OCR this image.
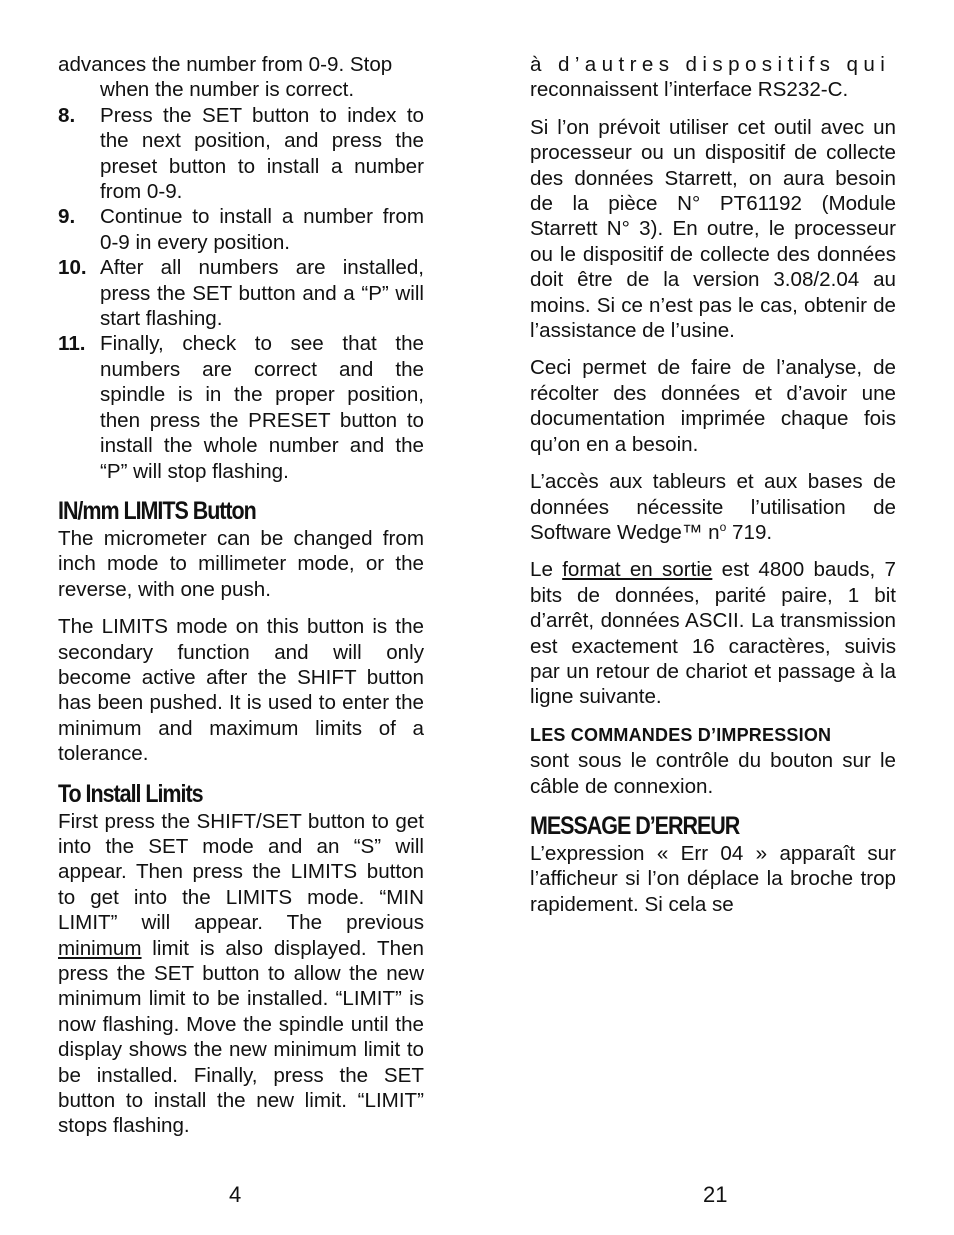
advances the number from 0-9. Stop
when the number is correct.

8. Press the SET button to index to the next position, and press the preset button to install a number from 0-9.
9. Continue to install a number from 0-9 in every position.
10. After all numbers are installed, press the SET button and a “P” will start flashing.
11. Finally, check to see that the numbers are correct and the spindle is in the proper position, then press the PRESET button to install the whole number and the “P” will stop flashing.
IN/mm LIMITS Button

The micrometer can be changed from inch mode to millimeter mode, or the reverse, with one push.

The LIMITS mode on this button is the secondary function and will only become active after the SHIFT button has been pushed. It is used to enter the minimum and maximum limits of a tolerance.

To Install Limits

First press the SHIFT/SET button to get into the SET mode and an “S” will appear. Then press the LIMITS button to get into the LIMITS mode. “MIN LIMIT” will appear. The previous minimum limit is also displayed. Then press the SET button to allow the new minimum limit to be installed. “LIMIT” is now flashing. Move the spindle until the display shows the new minimum limit to be installed. Finally, press the SET button to install the new limit. “LIMIT” stops flashing.

à d’autres dispositifs qui
reconnaissent l’interface RS232-C.

Si l’on prévoit utiliser cet outil avec un processeur ou un dispositif de collecte des données Starrett, on aura besoin de la pièce N° PT61192 (Module Starrett N° 3). En outre, le processeur ou le dispositif de collecte des données doit être de la version 3.08/2.04 au moins. Si ce n’est pas le cas, obtenir de l’assistance de l’usine.

Ceci permet de faire de l’analyse, de récolter des données et d’avoir une documentation imprimée chaque fois qu’on en a besoin.

L’accès aux tableurs et aux bases de données nécessite l’utilisation de Software Wedge™ $n^o$ 719.

Le format en sortie est 4800 bauds, 7 bits de données, parité paire, 1 bit d’arrêt, données ASCII. La transmission est exactement 16 caractères, suivis par un retour de chariot et passage à la ligne suivante.

LES COMMANDES D’IMPRESSION
sont sous le contrôle du bouton sur le câble de connexion.

MESSAGE D’ERREUR

L’expression « Err 04 » apparaît sur l’afficheur si l’on déplace la broche trop rapidement. Si cela se

4	21
